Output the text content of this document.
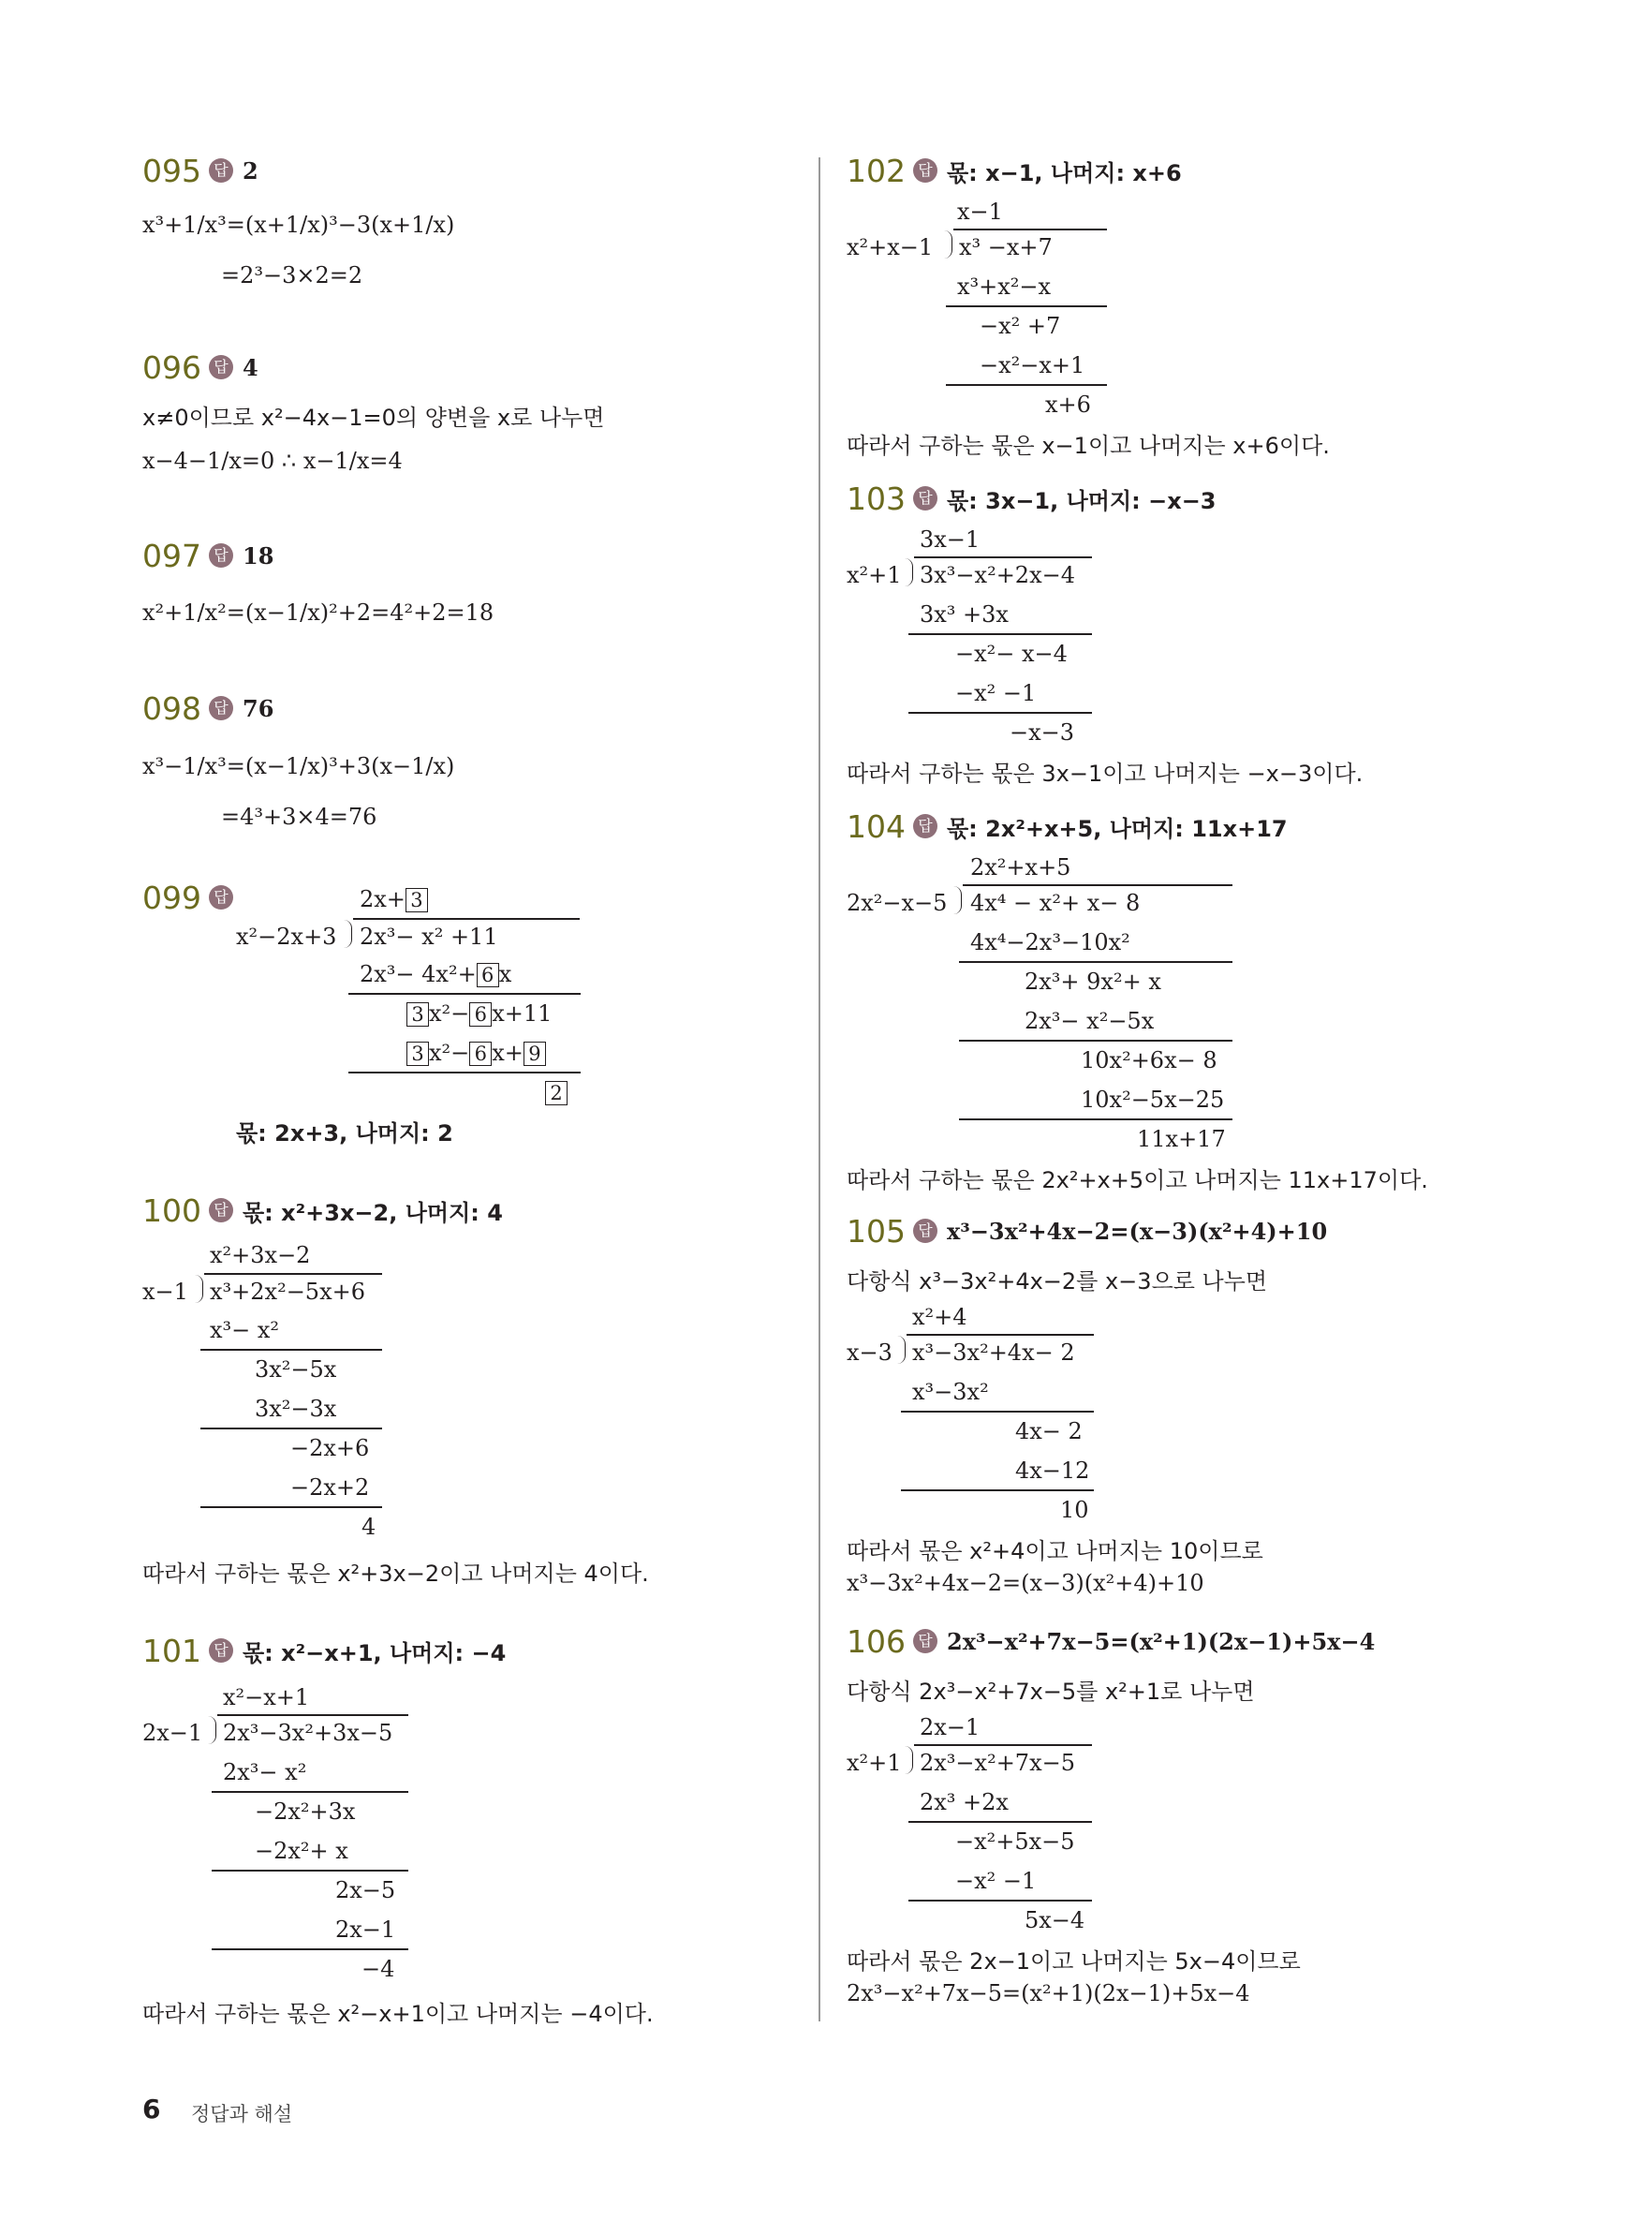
095 답 2
x³+1/x³=(x+1/x)³−3(x+1/x)
=2³−3×2=2
096 답 4
x≠0이므로 x²−4x−1=0의 양변을 x로 나누면
x−4−1/x=0 ∴ x−1/x=4
097 답 18
x²+1/x²=(x−1/x)²+2=4²+2=18
098 답 76
x³−1/x³=(x−1/x)³+3(x−1/x)
=4³+3×4=76
099 답	2x+ 3
x²−2x+3 2x³− x² +11
2x³− 4x²+ 6 x
3 x²− 6 x+11
3 x²− 6 x+ 9
2
몫: 2x+3, 나머지: 2
100 답 몫: x²+3x−2, 나머지: 4
x²+3x−2
x−1 x³+2x²−5x+6
x³− x²
3x²−5x
3x²−3x
−2x+6
−2x+2
4
따라서 구하는 몫은 x²+3x−2이고 나머지는 4이다.
101 답 몫: x²−x+1, 나머지: −4
x²−x+1
2x−1 2x³−3x²+3x−5
2x³− x²
−2x²+3x
−2x²+ x
2x−5
2x−1
−4
따라서 구하는 몫은 x²−x+1이고 나머지는 −4이다.
102 답 몫: x−1, 나머지: x+6
x−1
x²+x−1 x³ −x+7
x³+x²−x
−x² +7
−x²−x+1
x+6
따라서 구하는 몫은 x−1이고 나머지는 x+6이다.
103 답 몫: 3x−1, 나머지: −x−3
3x−1
x²+1 3x³−x²+2x−4
3x³ +3x
−x²− x−4
−x² −1
−x−3
따라서 구하는 몫은 3x−1이고 나머지는 −x−3이다.
104 답 몫: 2x²+x+5, 나머지: 11x+17
2x²+x+5
2x²−x−5 4x⁴ − x²+ x− 8
4x⁴−2x³−10x²
2x³+ 9x²+ x
2x³− x²−5x
10x²+6x− 8
10x²−5x−25
11x+17
따라서 구하는 몫은 2x²+x+5이고 나머지는 11x+17이다.
105 답 x³−3x²+4x−2=(x−3)(x²+4)+10
다항식 x³−3x²+4x−2를 x−3으로 나누면
x²+4
x−3 x³−3x²+4x− 2
x³−3x²
4x− 2
4x−12
10
따라서 몫은 x²+4이고 나머지는 10이므로
x³−3x²+4x−2=(x−3)(x²+4)+10
106 답 2x³−x²+7x−5=(x²+1)(2x−1)+5x−4
다항식 2x³−x²+7x−5를 x²+1로 나누면
2x−1
x²+1 2x³−x²+7x−5
2x³ +2x
−x²+5x−5
−x² −1
5x−4
따라서 몫은 2x−1이고 나머지는 5x−4이므로
2x³−x²+7x−5=(x²+1)(2x−1)+5x−4
6 정답과 해설
